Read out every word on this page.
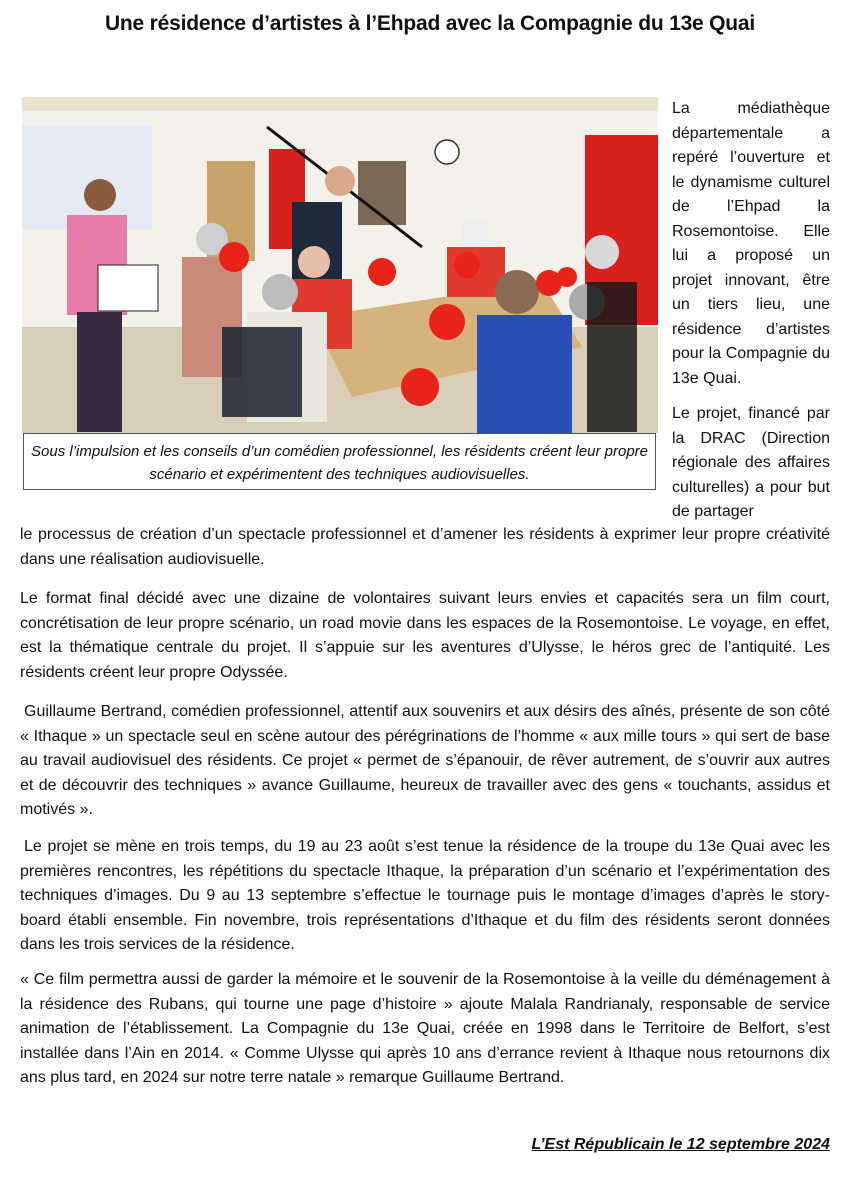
Une résidence d’artistes à l’Ehpad avec la Compagnie du 13e Quai
Sous l’impulsion et les conseils d’un comédien professionnel, les résidents créent leur propre scénario et expérimentent des techniques audiovisuelles.

La médiathèque départementale a repéré l’ouverture et le dynamisme culturel de l’Ehpad la Rosemontoise. Elle lui a proposé un projet innovant, être un tiers lieu, une résidence d’artistes pour la Compagnie du 13e Quai.

Le projet, financé par la DRAC (Direction régionale des affaires culturelles) a pour but de partager

le processus de création d’un spectacle professionnel et d’amener les résidents à exprimer leur propre créativité dans une réalisation audiovisuelle.

Le format final décidé avec une dizaine de volontaires suivant leurs envies et capacités sera un film court, concrétisation de leur propre scénario, un road movie dans les espaces de la Rosemontoise. Le voyage, en effet, est la thématique centrale du projet. Il s’appuie sur les aventures d’Ulysse, le héros grec de l’antiquité. Les résidents créent leur propre Odyssée.

Guillaume Bertrand, comédien professionnel, attentif aux souvenirs et aux désirs des aînés, présente de son côté « Ithaque » un spectacle seul en scène autour des pérégrinations de l’homme « aux mille tours » qui sert de base au travail audiovisuel des résidents. Ce projet « permet de s’épanouir, de rêver autrement, de s’ouvrir aux autres et de découvrir des techniques » avance Guillaume, heureux de travailler avec des gens « touchants, assidus et motivés ».

Le projet se mène en trois temps, du 19 au 23 août s’est tenue la résidence de la troupe du 13e Quai avec les premières rencontres, les répétitions du spectacle Ithaque, la préparation d’un scénario et l’expérimentation des techniques d’images. Du 9 au 13 septembre s’effectue le tournage puis le montage d’images d’après le story-board établi ensemble. Fin novembre, trois représentations d’Ithaque et du film des résidents seront données dans les trois services de la résidence.

« Ce film permettra aussi de garder la mémoire et le souvenir de la Rosemontoise à la veille du déménagement à la résidence des Rubans, qui tourne une page d’histoire » ajoute Malala Randrianaly, responsable de service animation de l’établissement. La Compagnie du 13e Quai, créée en 1998 dans le Territoire de Belfort, s’est installée dans l’Ain en 2014. « Comme Ulysse qui après 10 ans d’errance revient à Ithaque nous retournons dix ans plus tard, en 2024 sur notre terre natale » remarque Guillaume Bertrand.

L’Est Républicain le 12 septembre 2024
